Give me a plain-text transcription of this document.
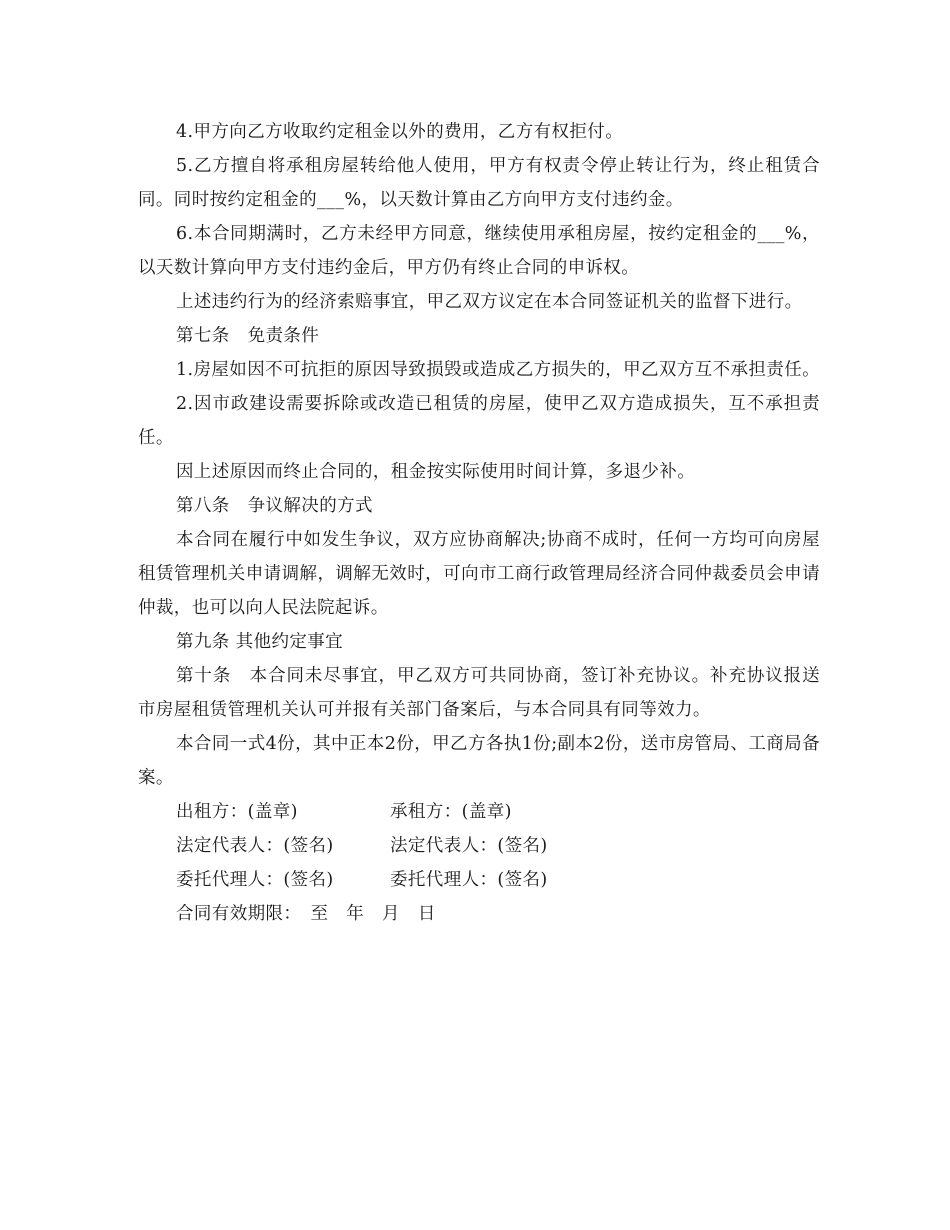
4.甲方向乙方收取约定租金以外的费用，乙方有权拒付。

5.乙方擅自将承租房屋转给他人使用，甲方有权责令停止转让行为，终止租赁合同。同时按约定租金的___%，以天数计算由乙方向甲方支付违约金。

6.本合同期满时，乙方未经甲方同意，继续使用承租房屋，按约定租金的___%，以天数计算向甲方支付违约金后，甲方仍有终止合同的申诉权。

上述违约行为的经济索赔事宜，甲乙双方议定在本合同签证机关的监督下进行。

第七条　免责条件

1.房屋如因不可抗拒的原因导致损毁或造成乙方损失的，甲乙双方互不承担责任。

2.因市政建设需要拆除或改造已租赁的房屋，使甲乙双方造成损失，互不承担责任。

因上述原因而终止合同的，租金按实际使用时间计算，多退少补。

第八条　争议解决的方式

本合同在履行中如发生争议，双方应协商解决;协商不成时，任何一方均可向房屋租赁管理机关申请调解，调解无效时，可向市工商行政管理局经济合同仲裁委员会申请仲裁，也可以向人民法院起诉。

第九条 其他约定事宜

第十条　本合同未尽事宜，甲乙双方可共同协商，签订补充协议。补充协议报送市房屋租赁管理机关认可并报有关部门备案后，与本合同具有同等效力。

本合同一式4份，其中正本2份，甲乙方各执1份;副本2份，送市房管局、工商局备案。

出租方：(盖章)	承租方：(盖章)
法定代表人：(签名)	法定代表人：(签名)
委托代理人：(签名)	委托代理人：(签名)
合同有效期限：　至　年　月　日
